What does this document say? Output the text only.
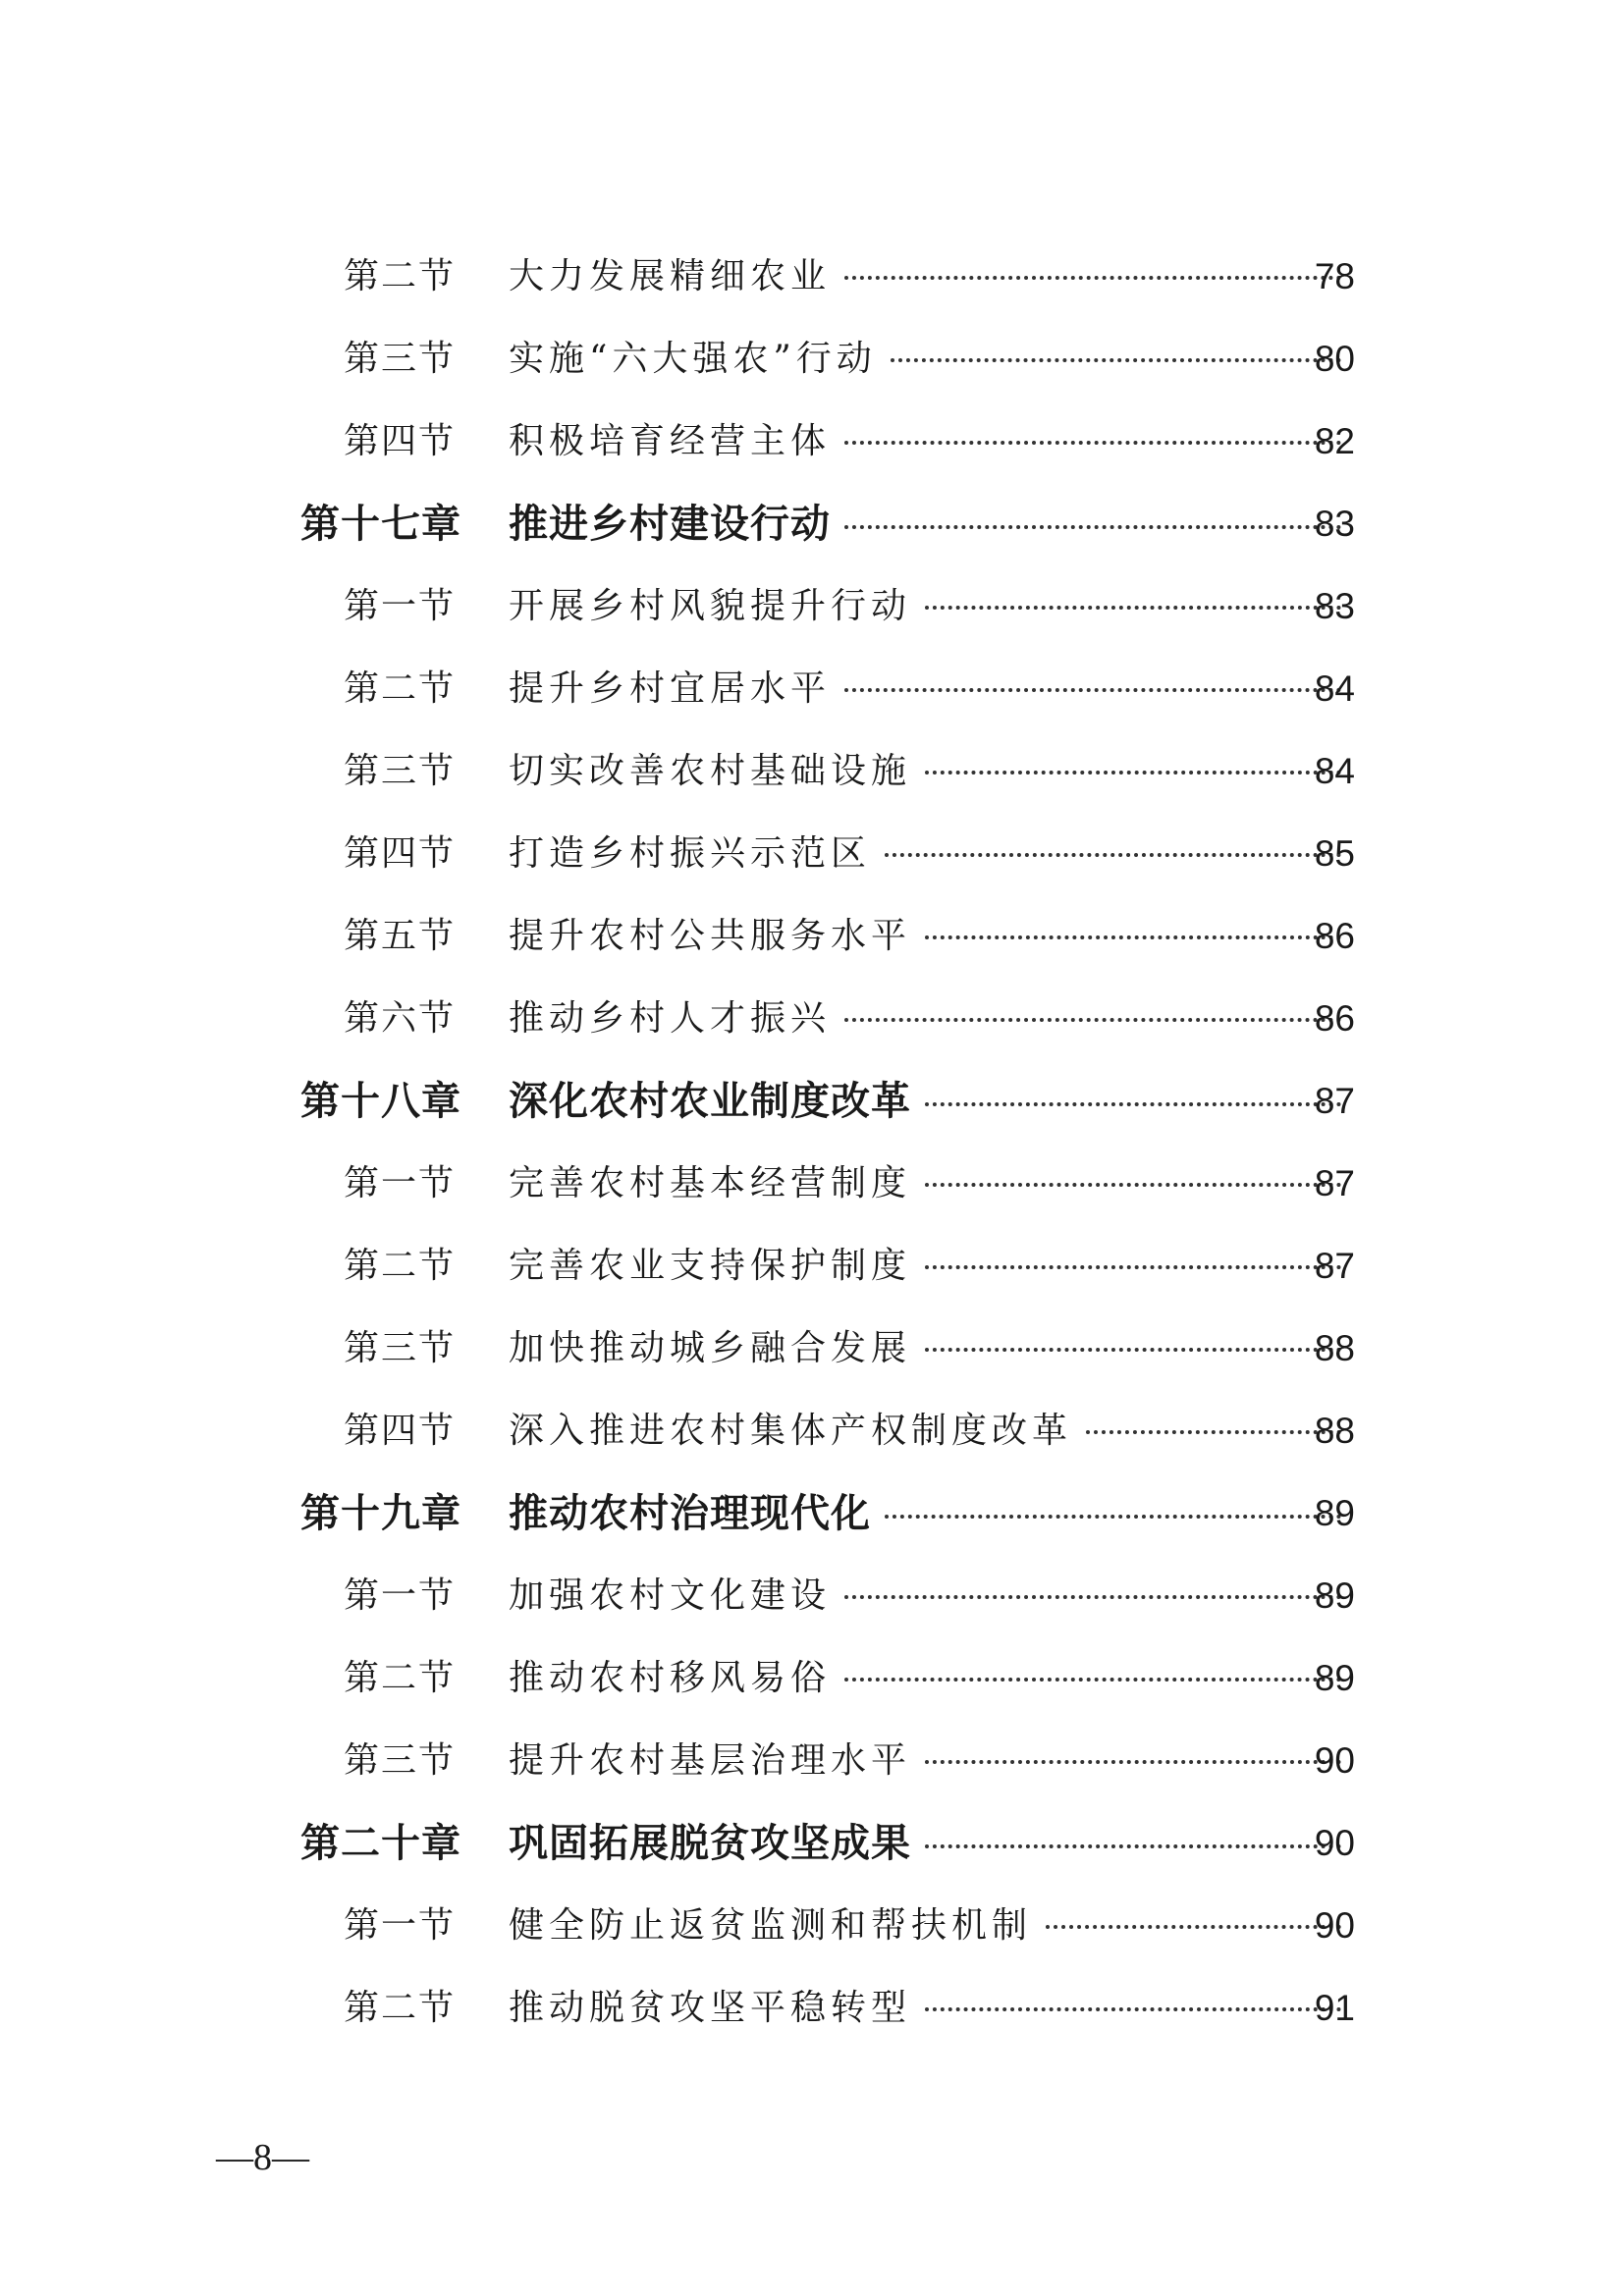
第二节 大力发展精细农业	78
第三节 实施“六大强农”行动	80
第四节 积极培育经营主体	82
第十七章 推进乡村建设行动	83
第一节 开展乡村风貌提升行动	83
第二节 提升乡村宜居水平	84
第三节 切实改善农村基础设施	84
第四节 打造乡村振兴示范区	85
第五节 提升农村公共服务水平	86
第六节 推动乡村人才振兴	86
第十八章 深化农村农业制度改革	87
第一节 完善农村基本经营制度	87
第二节 完善农业支持保护制度	87
第三节 加快推动城乡融合发展	88
第四节 深入推进农村集体产权制度改革	88
第十九章 推动农村治理现代化	89
第一节 加强农村文化建设	89
第二节 推动农村移风易俗	89
第三节 提升农村基层治理水平	90
第二十章 巩固拓展脱贫攻坚成果	90
第一节 健全防止返贫监测和帮扶机制	90
第二节 推动脱贫攻坚平稳转型	91
—8—
